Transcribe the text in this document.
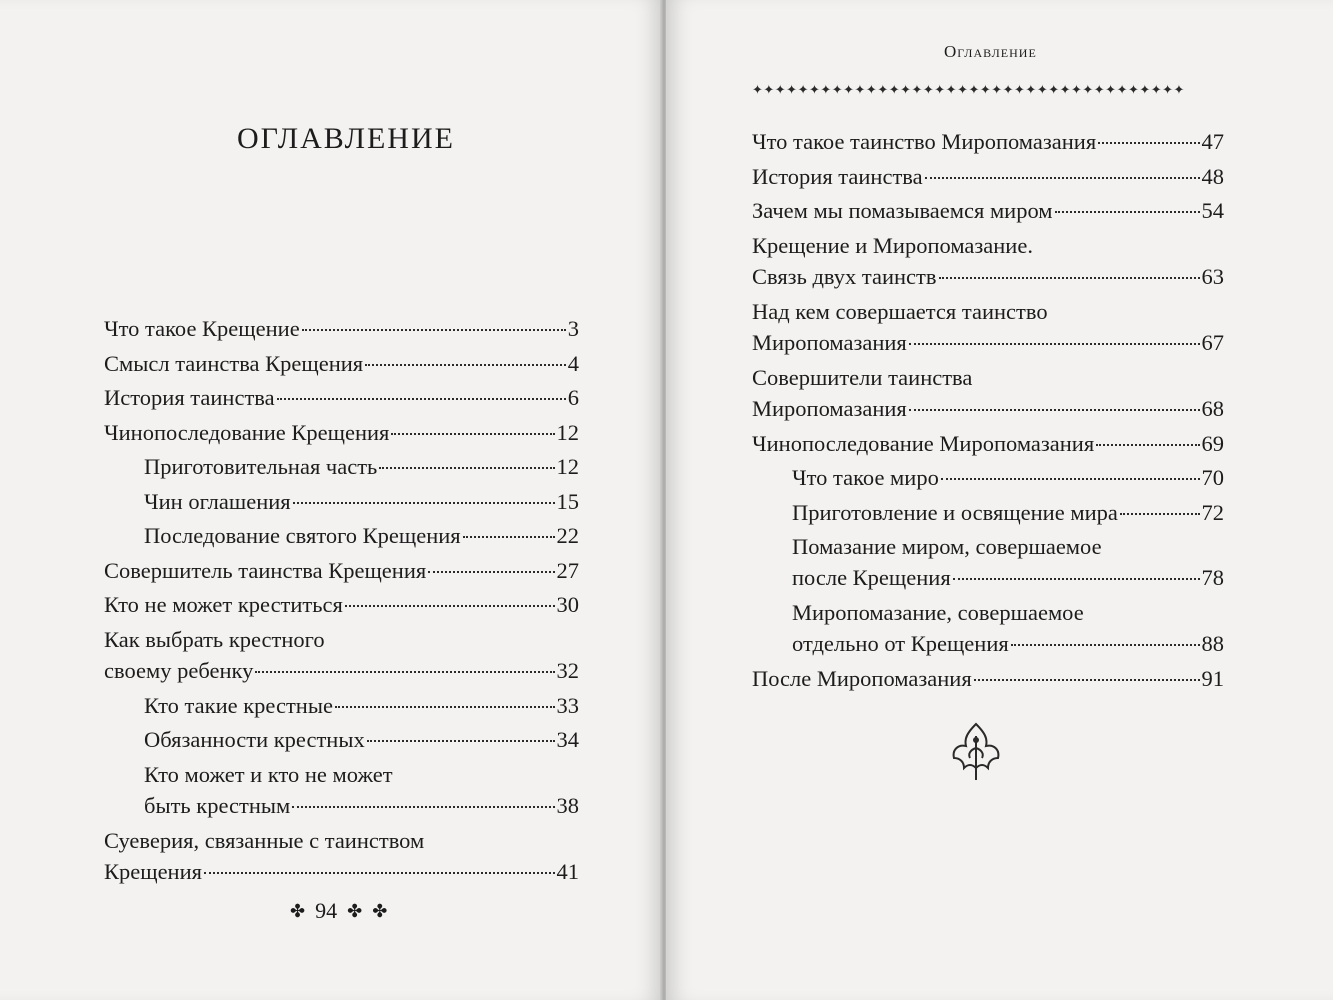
ОГЛАВЛЕНИЕ
Что такое Крещение	3
Смысл таинства Крещения	4
История таинства	6
Чинопоследование Крещения	12
Приготовительная часть	12
Чин оглашения	15
Последование святого Крещения	22
Совершитель таинства Крещения	27
Кто не может креститься	30
Как выбрать крестного
своему ребенку	32
Кто такие крестные	33
Обязанности крестных	34
Кто может и кто не может
быть крестным	38
Суеверия, связанные с таинством
Крещения	41
✤ 94 ✤ ✤
Оглавление
✦✦✦✦✦✦✦✦✦✦✦✦✦✦✦✦✦✦✦✦✦✦✦✦✦✦✦✦✦✦✦✦✦✦✦✦✦✦
Что такое таинство Миропомазания	47
История таинства	48
Зачем мы помазываемся миром	54
Крещение и Миропомазание.
Связь двух таинств	63
Над кем совершается таинство
Миропомазания	67
Совершители таинства
Миропомазания	68
Чинопоследование Миропомазания	69
Что такое миро	70
Приготовление и освящение мира	72
Помазание миром, совершаемое
после Крещения	78
Миропомазание, совершаемое
отдельно от Крещения	88
После Миропомазания	91
